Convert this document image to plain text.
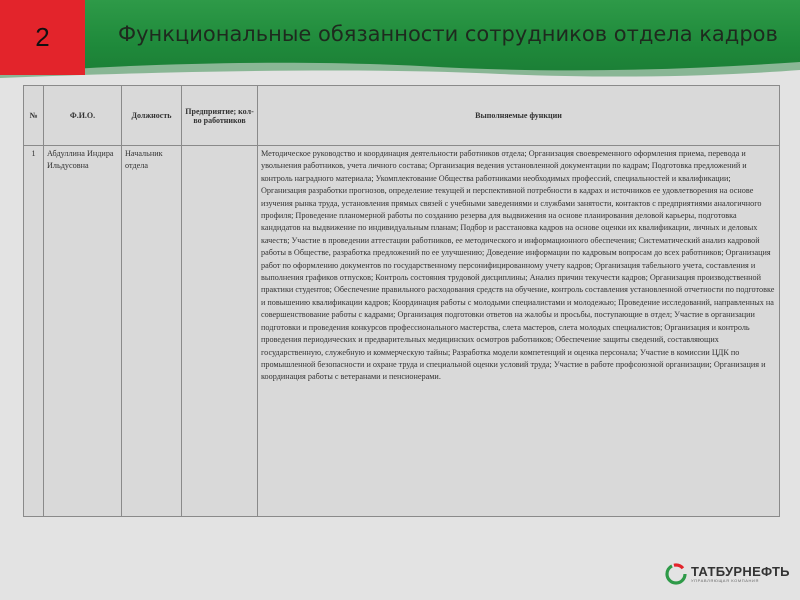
2	Функциональные обязанности сотрудников отдела кадров
№	Ф.И.О.	Должность	Предприятие; кол-во работников	Выполняемые функции
1	Абдуллина Индира Ильдусовна	Начальник отдела		Методическое руководство и координация деятельности работников отдела; Организация своевременного оформления приема, перевода и увольнения работников, учета личного состава; Организация ведения установленной документации по кадрам; Подготовка предложений и контроль наградного материала; Укомплектование Общества работниками необходимых профессий, специальностей и квалификации; Организация разработки прогнозов, определение текущей и перспективной потребности в кадрах и источников ее удовлетворения на основе изучения рынка труда, установления прямых связей с учебными заведениями и службами занятости, контактов с предприятиями аналогичного профиля; Проведение планомерной работы по созданию резерва для выдвижения на основе планирования деловой карьеры, подготовка кандидатов на выдвижение по индивидуальным планам; Подбор и расстановка кадров на основе оценки их квалификации, личных и деловых качеств; Участие в проведении аттестации работников, ее методического и информационного обеспечения; Систематический анализ кадровой работы в Обществе, разработка предложений по ее улучшению; Доведение информации по кадровым вопросам до всех работников; Организация работ по оформлению документов по государственному персонифицированному учету кадров; Организация табельного учета, составления и выполнения графиков отпусков; Контроль состояния трудовой дисциплины; Анализ причин текучести кадров; Организация производственной практики студентов; Обеспечение правильного расходования средств на обучение, контроль составления установленной отчетности по подготовке и повышению квалификации кадров; Координация работы с молодыми специалистами и молодежью; Проведение исследований, направленных на совершенствование работы с кадрами; Организация подготовки ответов на жалобы и просьбы, поступающие в отдел; Участие в организации подготовки и проведения конкурсов профессионального мастерства, слета мастеров, слета молодых специалистов; Организация и контроль проведения периодических и предварительных медицинских осмотров работников; Обеспечение защиты сведений, составляющих государственную, служебную и коммерческую тайны; Разработка модели компетенций и оценка персонала; Участие в комиссии ЦДК по промышленной безопасности и охране труда и специальной оценки условий труда; Участие в работе профсоюзной организации; Организация и координация работы с ветеранами и пенсионерами.
ТАТБУРНЕФТЬ
УПРАВЛЯЮЩАЯ КОМПАНИЯ
